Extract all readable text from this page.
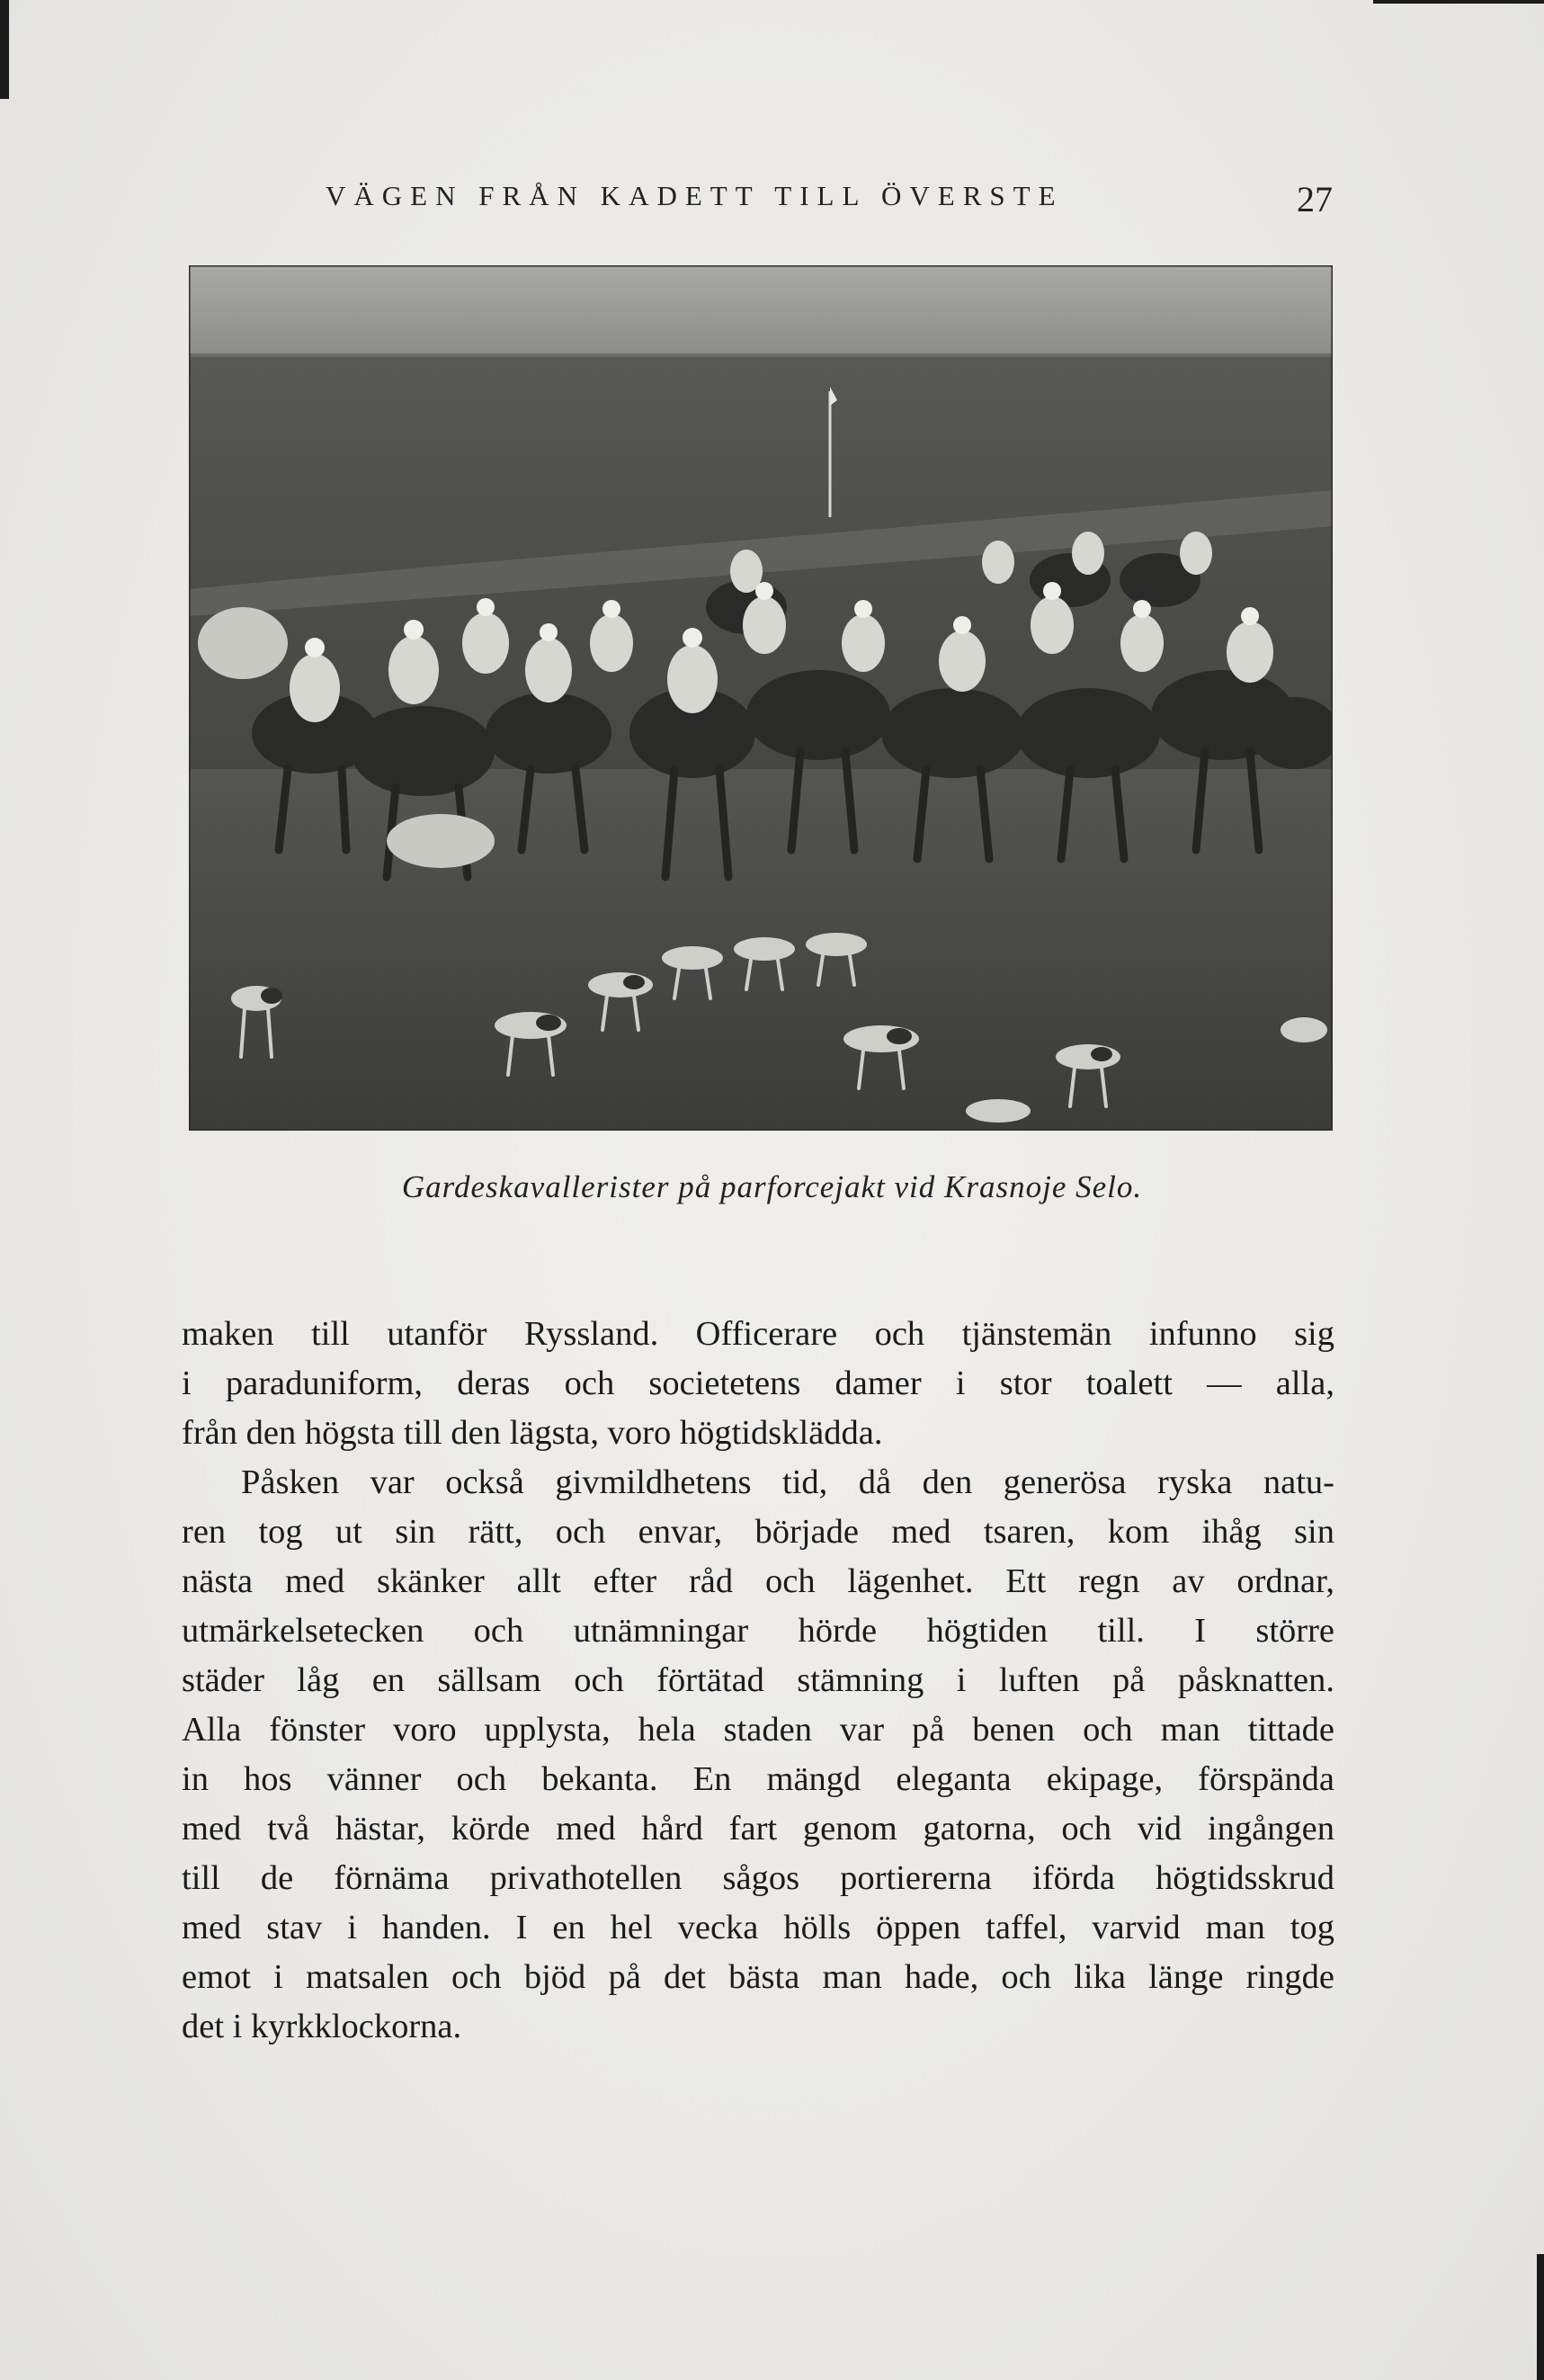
VÄGEN FRÅN KADETT TILL ÖVERSTE	27
Gardeskavallerister på parforcejakt vid Krasnoje Selo.
maken till utanför Ryssland. Officerare och tjänstemän infunno sig
i paraduniform, deras och societetens damer i stor toalett — alla,
från den högsta till den lägsta, voro högtidsklädda.
Påsken var också givmildhetens tid, då den generösa ryska natu-
ren tog ut sin rätt, och envar, började med tsaren, kom ihåg sin
nästa med skänker allt efter råd och lägenhet. Ett regn av ordnar,
utmärkelsetecken och utnämningar hörde högtiden till. I större
städer låg en sällsam och förtätad stämning i luften på påsknatten.
Alla fönster voro upplysta, hela staden var på benen och man tittade
in hos vänner och bekanta. En mängd eleganta ekipage, förspända
med två hästar, körde med hård fart genom gatorna, och vid ingången
till de förnäma privathotellen sågos portiererna iförda högtidsskrud
med stav i handen. I en hel vecka hölls öppen taffel, varvid man tog
emot i matsalen och bjöd på det bästa man hade, och lika länge ringde
det i kyrkklockorna.
